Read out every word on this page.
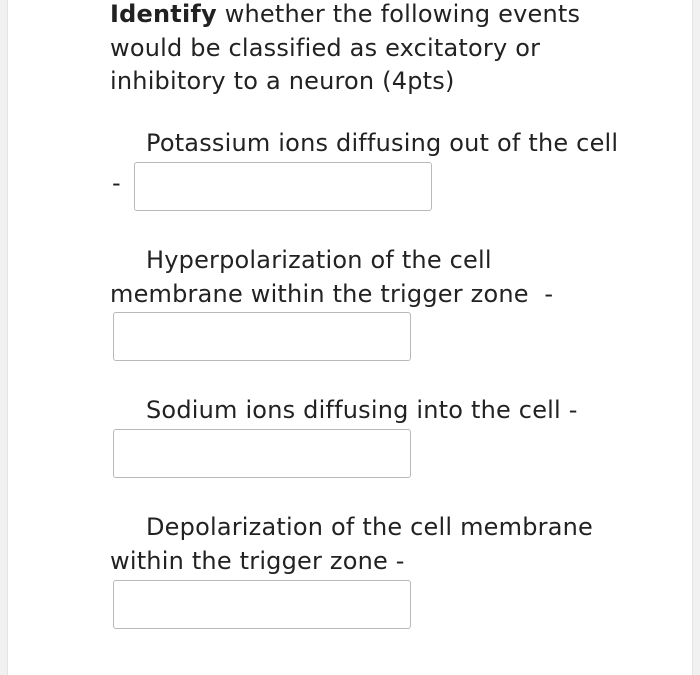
Identify whether the following events would be classified as excitatory or inhibitory to a neuron (4pts)
Potassium ions diffusing out of the cell
-
Hyperpolarization of the cell
membrane within the trigger zone  -
Sodium ions diffusing into the cell -
Depolarization of the cell membrane
within the trigger zone -
